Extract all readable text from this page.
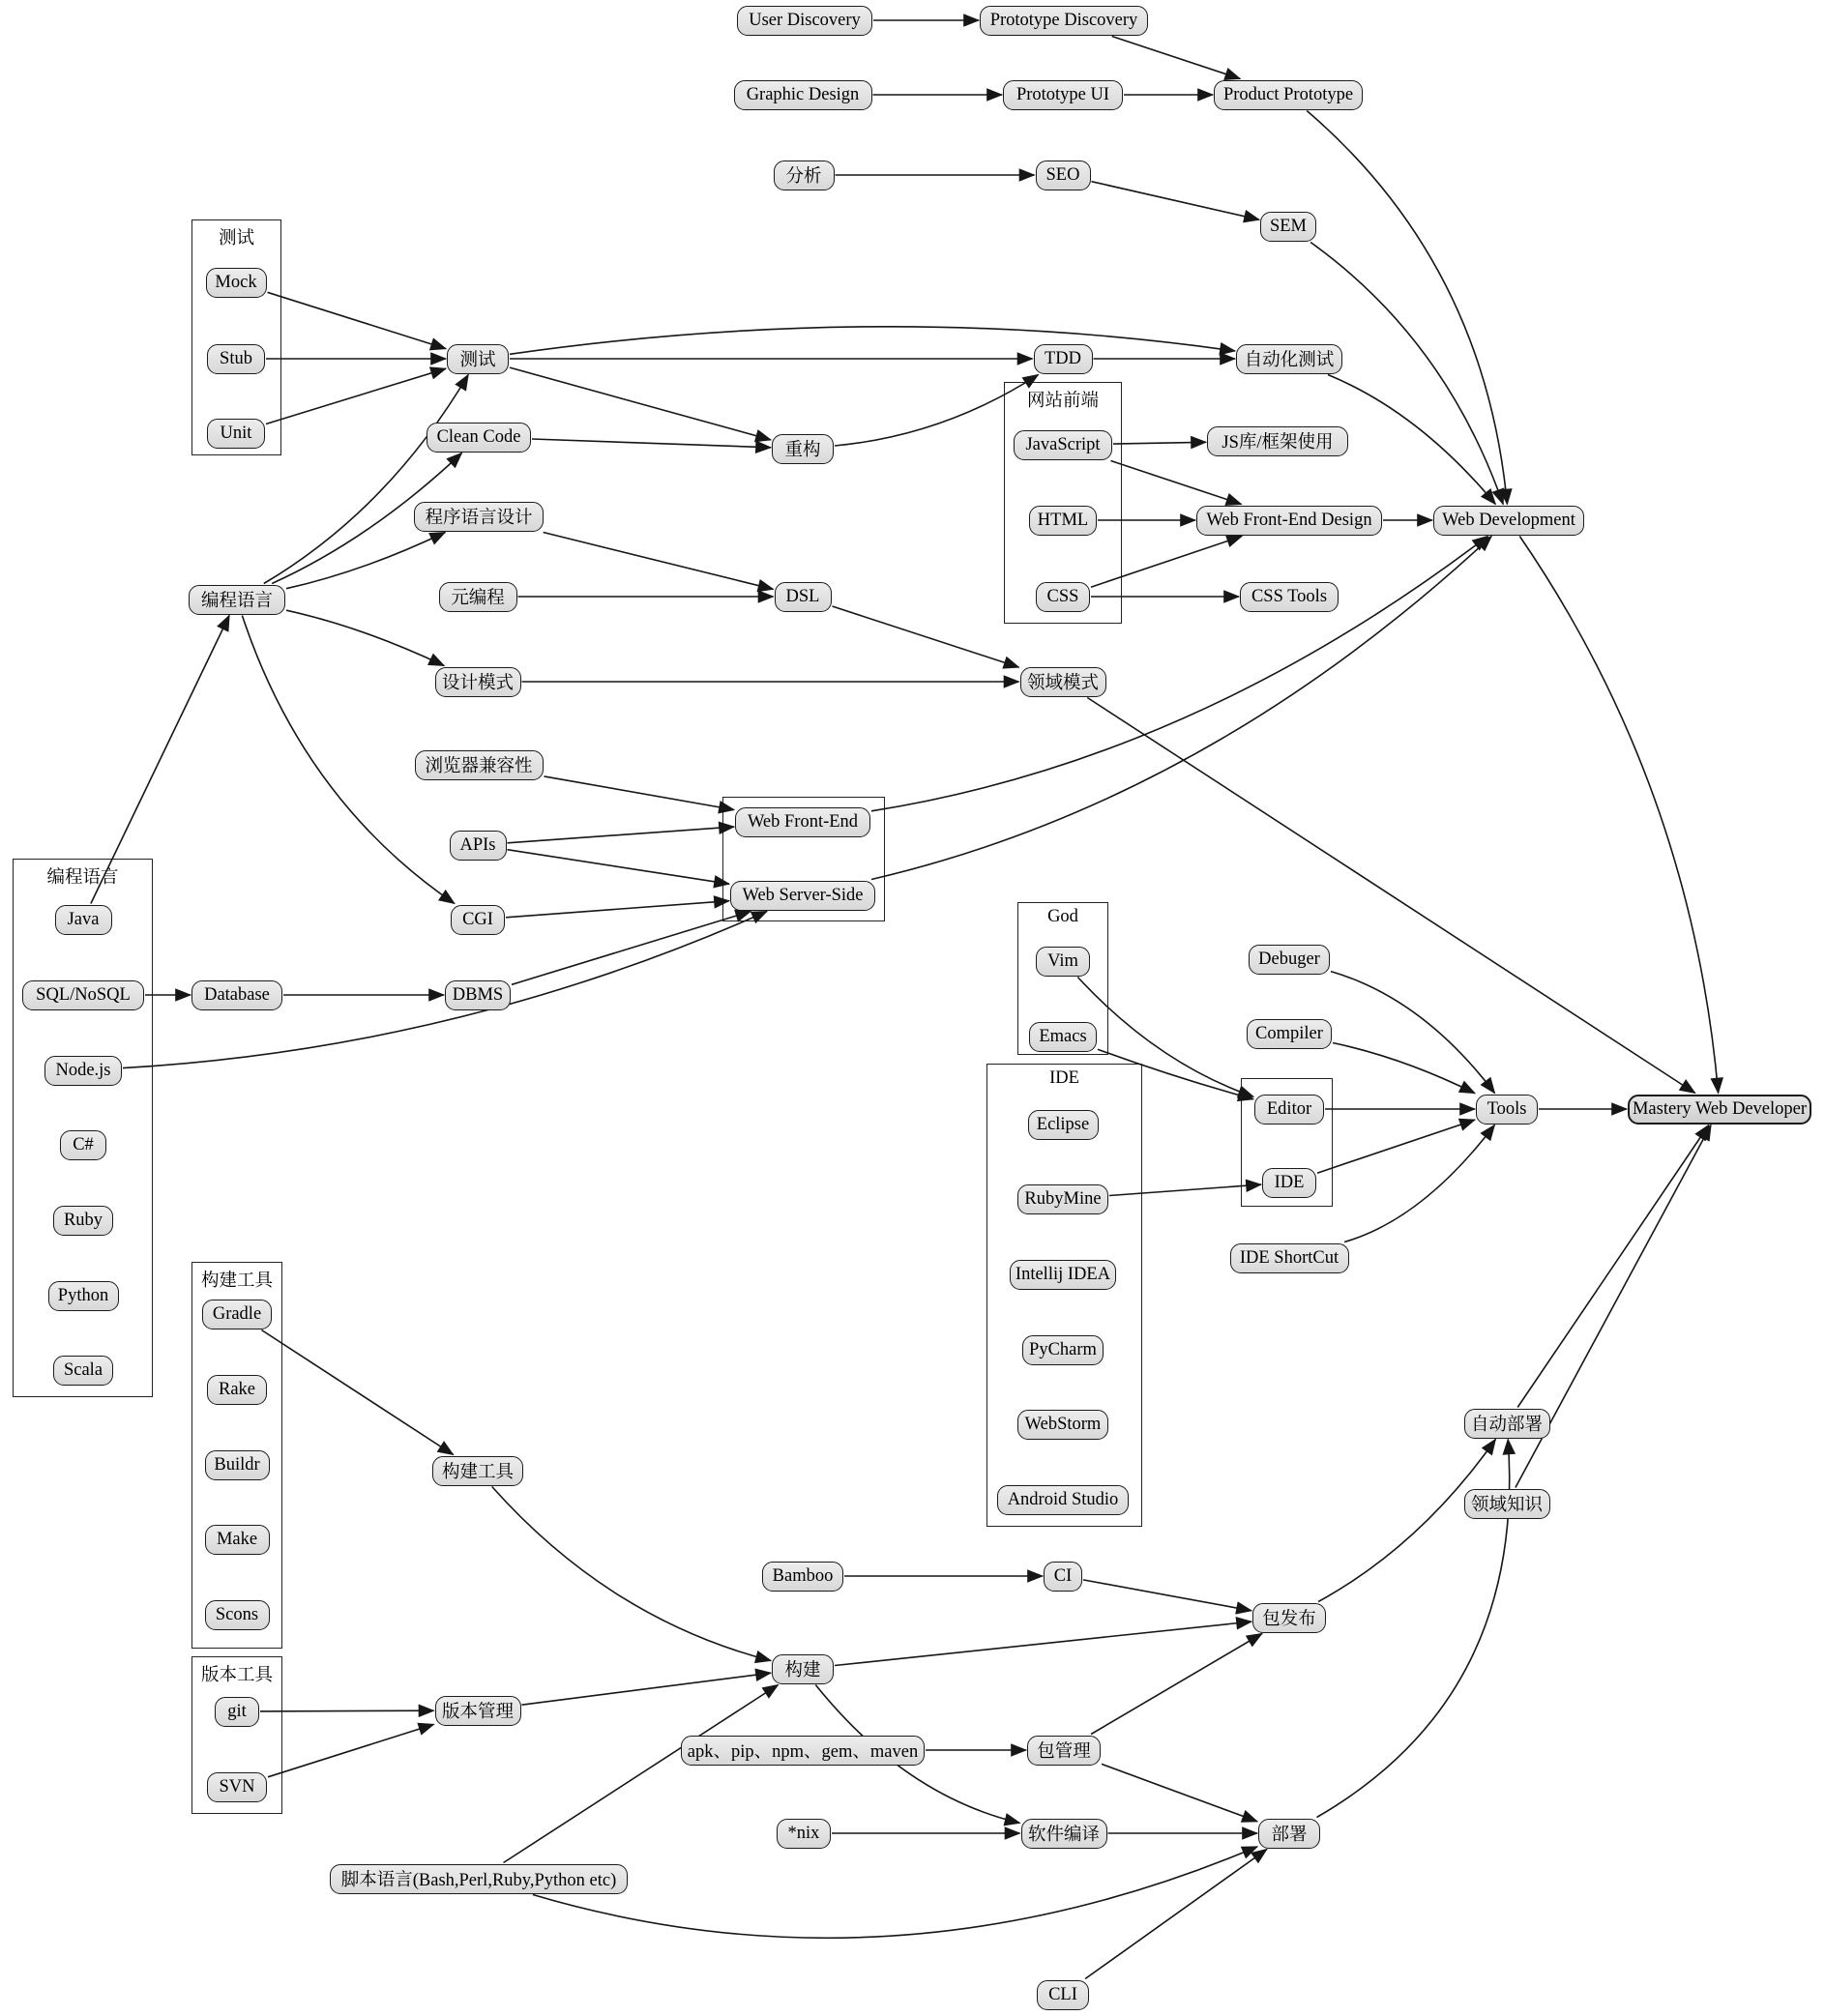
测试
网站前端
编程语言
God
IDE
构建工具
版本工具
User Discovery	Prototype Discovery
Graphic Design	Prototype UI	Product Prototype
分析	SEO
SEM
Mock
Stub
Unit
测试	TDD	自动化测试
Clean Code
重构	JavaScript	JS库/框架使用
HTML	Web Front-End Design	Web Development
CSS	CSS Tools
程序语言设计
元编程	DSL
编程语言
设计模式	领域模式
浏览器兼容性
APIs
Web Front-End
Web Server-Side
CGI
Java
SQL/NoSQL	Database	DBMS
Node.js
C#
Ruby
Python
Scala
Vim
Emacs
Debuger
Compiler
Editor
IDE
Tools	Mastery Web Developer
IDE ShortCut
Eclipse
RubyMine
Intellij IDEA
PyCharm
WebStorm
Android Studio
Gradle
Rake
Buildr
Make
Scons
构建工具
自动部署
领域知识
Bamboo	CI
包发布
git
SVN
版本管理
构建
apk、pip、npm、gem、maven	包管理
*nix	软件编译	部署
脚本语言(Bash,Perl,Ruby,Python etc)
CLI
